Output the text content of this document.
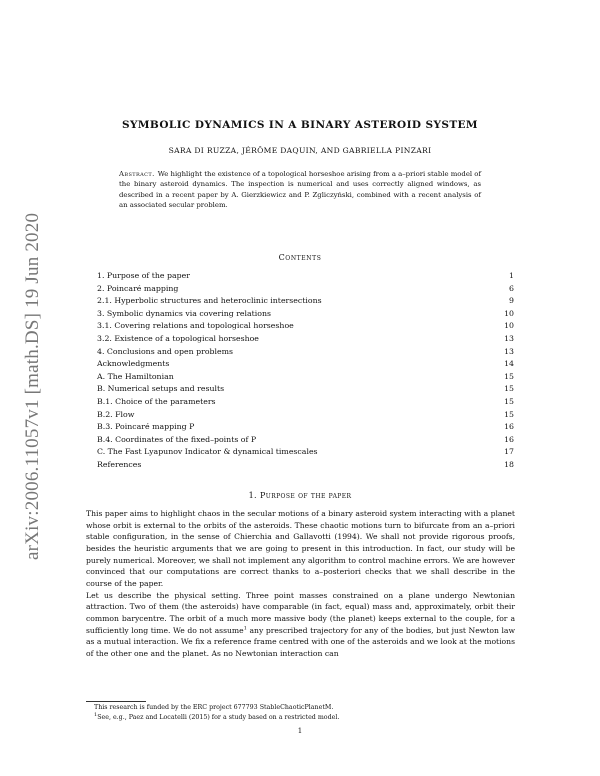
arXiv:2006.11057v1 [math.DS] 19 Jun 2020
SYMBOLIC DYNAMICS IN A BINARY ASTEROID SYSTEM
SARA DI RUZZA, JÉRÔME DAQUIN, AND GABRIELLA PINZARI
Abstract. We highlight the existence of a topological horseshoe arising from a a–priori stable model of the binary asteroid dynamics. The inspection is numerical and uses correctly aligned windows, as described in a recent paper by A. Gierzkiewicz and P. Zgliczyński, combined with a recent analysis of an associated secular problem.
Contents
1. Purpose of the paper	1
2. Poincaré mapping	6
2.1. Hyperbolic structures and heteroclinic intersections	9
3. Symbolic dynamics via covering relations	10
3.1. Covering relations and topological horseshoe	10
3.2. Existence of a topological horseshoe	13
4. Conclusions and open problems	13
Acknowledgments	14
A. The Hamiltonian	15
B. Numerical setups and results	15
B.1. Choice of the parameters	15
B.2. Flow	15
B.3. Poincaré mapping P	16
B.4. Coordinates of the fixed–points of P	16
C. The Fast Lyapunov Indicator & dynamical timescales	17
References	18
1. Purpose of the paper

This paper aims to highlight chaos in the secular motions of a binary asteroid system interacting with a planet whose orbit is external to the orbits of the asteroids. These chaotic motions turn to bifurcate from an a–priori stable configuration, in the sense of Chierchia and Gallavotti (1994). We shall not provide rigorous proofs, besides the heuristic arguments that we are going to present in this introduction. In fact, our study will be purely numerical. Moreover, we shall not implement any algorithm to control machine errors. We are however convinced that our computations are correct thanks to a–posteriori checks that we shall describe in the course of the paper.

Let us describe the physical setting. Three point masses constrained on a plane undergo Newtonian attraction. Two of them (the asteroids) have comparable (in fact, equal) mass and, approximately, orbit their common barycentre. The orbit of a much more massive body (the planet) keeps external to the couple, for a sufficiently long time. We do not assume$^1$ any prescribed trajectory for any of the bodies, but just Newton law as a mutual interaction. We fix a reference frame centred with one of the asteroids and we look at the motions of the other one and the planet. As no Newtonian interaction can

This research is funded by the ERC project 677793 StableChaoticPlanetM.

$^1$See, e.g., Paez and Locatelli (2015) for a study based on a restricted model.

1
